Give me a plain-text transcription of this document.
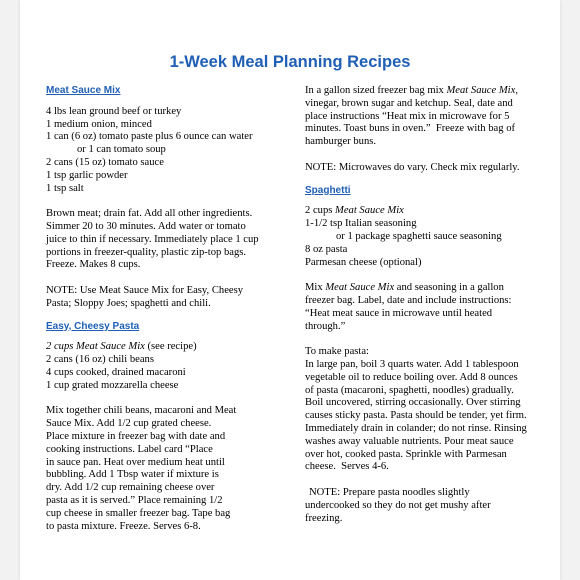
1-Week Meal Planning Recipes
Meat Sauce Mix
4 lbs lean ground beef or turkey
1 medium onion, minced
1 can (6 oz) tomato paste plus 6 ounce can water
or 1 can tomato soup
2 cans (15 oz) tomato sauce
1 tsp garlic powder
1 tsp salt
Brown meat; drain fat. Add all other ingredients.
Simmer 20 to 30 minutes. Add water or tomato
juice to thin if necessary. Immediately place 1 cup
portions in freezer-quality, plastic zip-top bags.
Freeze. Makes 8 cups.
NOTE: Use Meat Sauce Mix for Easy, Cheesy
Pasta; Sloppy Joes; spaghetti and chili.
Easy, Cheesy Pasta
2 cups Meat Sauce Mix (see recipe)
2 cans (16 oz) chili beans
4 cups cooked, drained macaroni
1 cup grated mozzarella cheese
Mix together chili beans, macaroni and Meat
Sauce Mix. Add 1/2 cup grated cheese.
Place mixture in freezer bag with date and
cooking instructions. Label card “Place
in sauce pan. Heat over medium heat until
bubbling. Add 1 Tbsp water if mixture is
dry. Add 1/2 cup remaining cheese over
pasta as it is served.” Place remaining 1/2
cup cheese in smaller freezer bag. Tape bag
to pasta mixture. Freeze. Serves 6-8.
In a gallon sized freezer bag mix Meat Sauce Mix,
vinegar, brown sugar and ketchup. Seal, date and
place instructions “Heat mix in microwave for 5
minutes. Toast buns in oven.”  Freeze with bag of
hamburger buns.
NOTE: Microwaves do vary. Check mix regularly.
Spaghetti
2 cups Meat Sauce Mix
1-1/2 tsp Italian seasoning
or 1 package spaghetti sauce seasoning
8 oz pasta
Parmesan cheese (optional)
Mix Meat Sauce Mix and seasoning in a gallon
freezer bag. Label, date and include instructions:
“Heat meat sauce in microwave until heated
through.”
To make pasta:
In large pan, boil 3 quarts water. Add 1 tablespoon
vegetable oil to reduce boiling over. Add 8 ounces
of pasta (macaroni, spaghetti, noodles) gradually.
Boil uncovered, stirring occasionally. Over stirring
causes sticky pasta. Pasta should be tender, yet firm.
Immediately drain in colander; do not rinse. Rinsing
washes away valuable nutrients. Pour meat sauce
over hot, cooked pasta. Sprinkle with Parmesan
cheese.  Serves 4-6.
NOTE: Prepare pasta noodles slightly
undercooked so they do not get mushy after
freezing.
